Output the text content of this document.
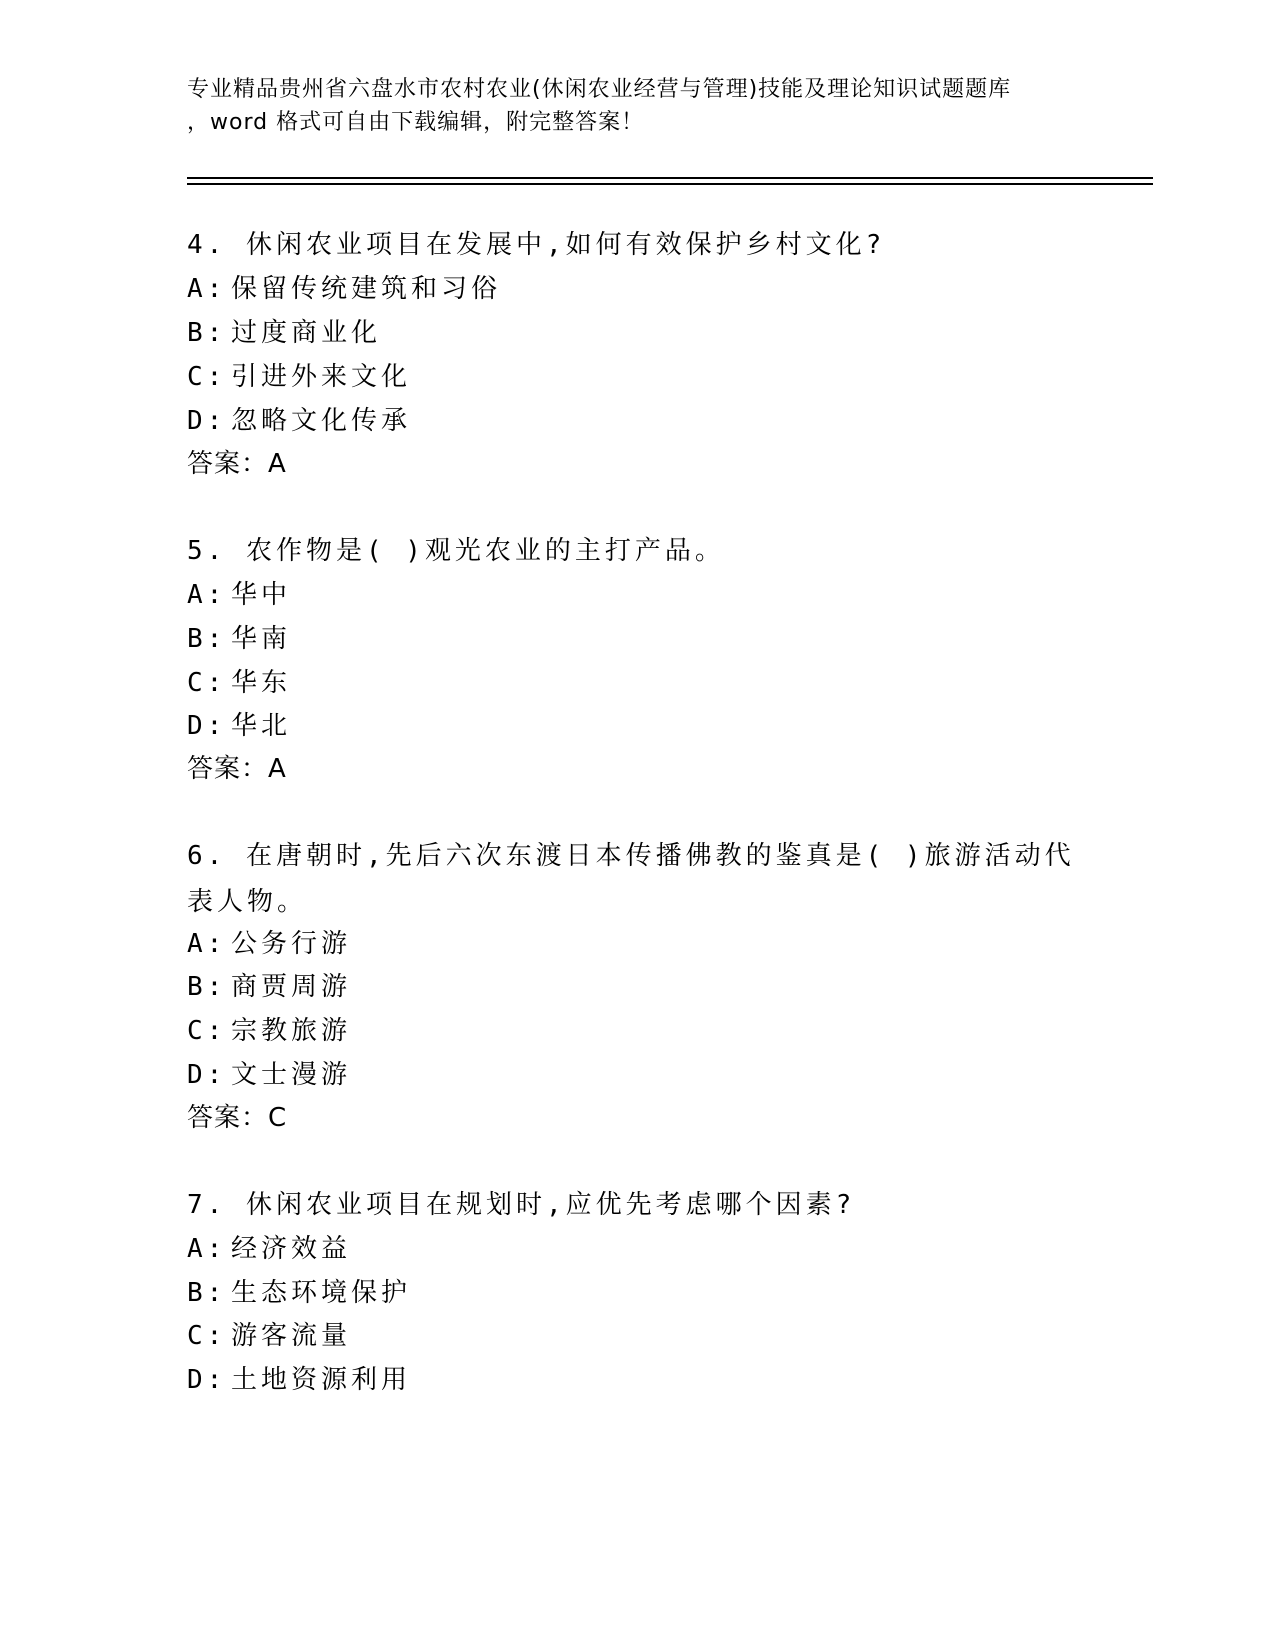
专业精品贵州省六盘水市农村农业(休闲农业经营与管理)技能及理论知识试题题库
，word 格式可自由下载编辑，附完整答案！
4. 休闲农业项目在发展中,如何有效保护乡村文化?
A: 保留传统建筑和习俗
B: 过度商业化
C: 引进外来文化
D: 忽略文化传承
答案：A
5. 农作物是( )观光农业的主打产品。
A: 华中
B: 华南
C: 华东
D: 华北
答案：A
6. 在唐朝时,先后六次东渡日本传播佛教的鉴真是( )旅游活动代表人物。
A: 公务行游
B: 商贾周游
C: 宗教旅游
D: 文士漫游
答案：C
7. 休闲农业项目在规划时,应优先考虑哪个因素?
A: 经济效益
B: 生态环境保护
C: 游客流量
D: 土地资源利用
